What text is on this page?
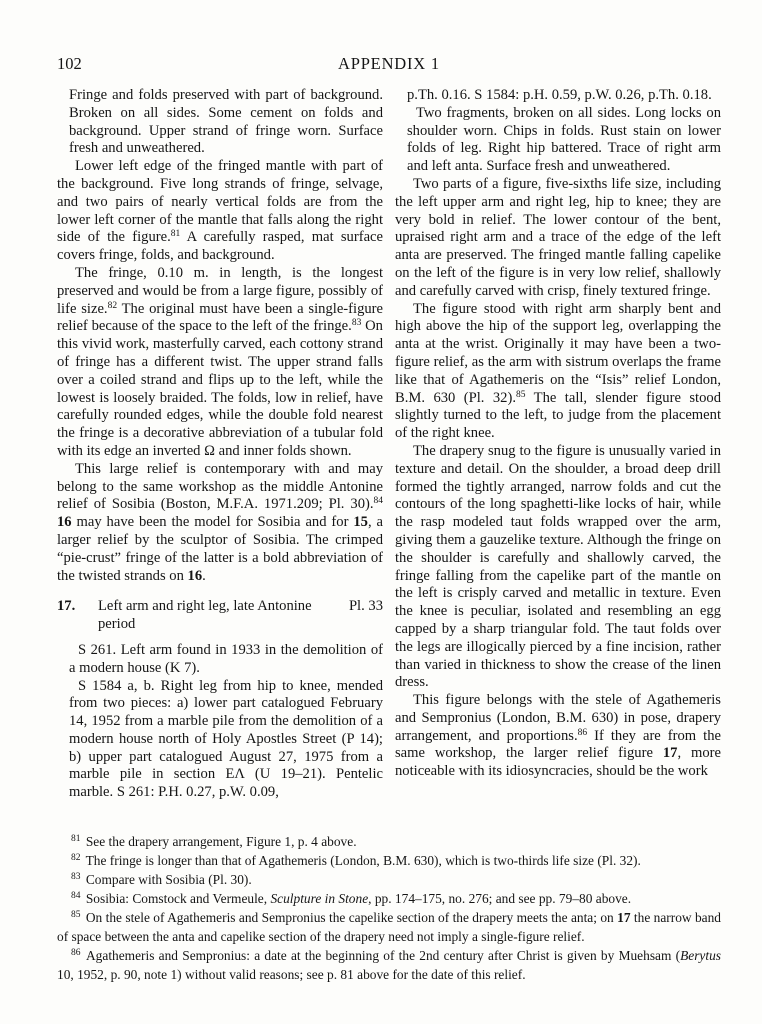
102	APPENDIX 1

Fringe and folds preserved with part of background. Broken on all sides. Some cement on folds and background. Upper strand of fringe worn. Surface fresh and unweathered.

Lower left edge of the fringed mantle with part of the background. Five long strands of fringe, selvage, and two pairs of nearly vertical folds are from the lower left corner of the mantle that falls along the right side of the figure.$^{81}$ A carefully rasped, mat surface covers fringe, folds, and background.

The fringe, 0.10 m. in length, is the longest preserved and would be from a large figure, possibly of life size.$^{82}$ The original must have been a single-figure relief because of the space to the left of the fringe.$^{83}$ On this vivid work, masterfully carved, each cottony strand of fringe has a different twist. The upper strand falls over a coiled strand and flips up to the left, while the lowest is loosely braided. The folds, low in relief, have carefully rounded edges, while the double fold nearest the fringe is a decorative abbreviation of a tubular fold with its edge an inverted Ω and inner folds shown.

This large relief is contemporary with and may belong to the same workshop as the middle Antonine relief of Sosibia (Boston, M.F.A. 1971.209; Pl. 30).$^{84}$ 16 may have been the model for Sosibia and for 15, a larger relief by the sculptor of Sosibia. The crimped “pie-crust” fringe of the latter is a bold abbreviation of the twisted strands on 16.

17.	Left arm and right leg, late Antonine period
Pl. 33

S 261. Left arm found in 1933 in the demolition of a modern house (K 7).

S 1584 a, b. Right leg from hip to knee, mended from two pieces: a) lower part catalogued February 14, 1952 from a marble pile from the demolition of a modern house north of Holy Apostles Street (P 14); b) upper part catalogued August 27, 1975 from a marble pile in section ΕΛ (U 19–21). Pentelic marble. S 261: P.H. 0.27, p.W. 0.09,

p.Th. 0.16. S 1584: p.H. 0.59, p.W. 0.26, p.Th. 0.18.

Two fragments, broken on all sides. Long locks on shoulder worn. Chips in folds. Rust stain on lower folds of leg. Right hip battered. Trace of right arm and left anta. Surface fresh and unweathered.

Two parts of a figure, five-sixths life size, including the left upper arm and right leg, hip to knee; they are very bold in relief. The lower contour of the bent, upraised right arm and a trace of the edge of the left anta are preserved. The fringed mantle falling capelike on the left of the figure is in very low relief, shallowly and carefully carved with crisp, finely textured fringe.

The figure stood with right arm sharply bent and high above the hip of the support leg, overlapping the anta at the wrist. Originally it may have been a two-figure relief, as the arm with sistrum overlaps the frame like that of Agathemeris on the “Isis” relief London, B.M. 630 (Pl. 32).$^{85}$ The tall, slender figure stood slightly turned to the left, to judge from the placement of the right knee.

The drapery snug to the figure is unusually varied in texture and detail. On the shoulder, a broad deep drill formed the tightly arranged, narrow folds and cut the contours of the long spaghetti-like locks of hair, while the rasp modeled taut folds wrapped over the arm, giving them a gauzelike texture. Although the fringe on the shoulder is carefully and shallowly carved, the fringe falling from the capelike part of the mantle on the left is crisply carved and metallic in texture. Even the knee is peculiar, isolated and resembling an egg capped by a sharp triangular fold. The taut folds over the legs are illogically pierced by a fine incision, rather than varied in thickness to show the crease of the linen dress.

This figure belongs with the stele of Agathemeris and Sempronius (London, B.M. 630) in pose, drapery arrangement, and proportions.$^{86}$ If they are from the same workshop, the larger relief figure 17, more noticeable with its idiosyncracies, should be the work

$^{81}$ See the drapery arrangement, Figure 1, p. 4 above.

$^{82}$ The fringe is longer than that of Agathemeris (London, B.M. 630), which is two-thirds life size (Pl. 32).

$^{83}$ Compare with Sosibia (Pl. 30).

$^{84}$ Sosibia: Comstock and Vermeule, Sculpture in Stone, pp. 174–175, no. 276; and see pp. 79–80 above.

$^{85}$ On the stele of Agathemeris and Sempronius the capelike section of the drapery meets the anta; on 17 the narrow band of space between the anta and capelike section of the drapery need not imply a single-figure relief.

$^{86}$ Agathemeris and Sempronius: a date at the beginning of the 2nd century after Christ is given by Muehsam (Berytus 10, 1952, p. 90, note 1) without valid reasons; see p. 81 above for the date of this relief.
